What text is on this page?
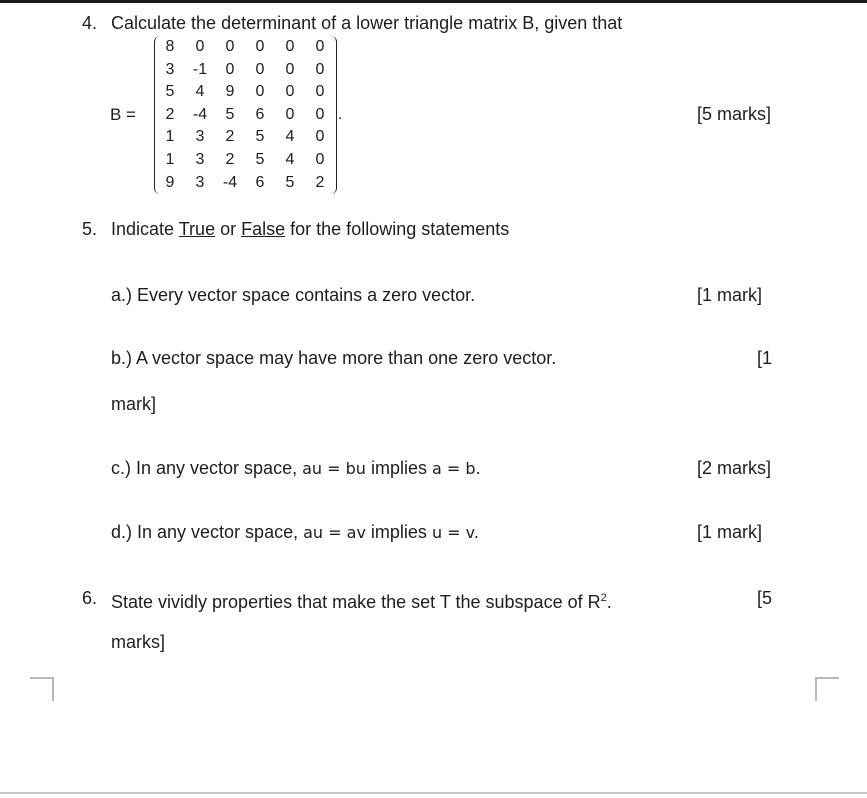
4. Calculate the determinant of a lower triangle matrix B, given that
B =
8	0	0	0	0	0
3	-1	0	0	0	0
5	4	9	0	0	0
2	-4	5	6	0	0
1	3	2	5	4	0
1	3	2	5	4	0
9	3	-4	6	5	2
.	[5 marks]
5. Indicate True or False for the following statements
a.) Every vector space contains a zero vector.	[1 mark]
b.) A vector space may have more than one zero vector.	[1
mark]
c.) In any vector space, au = bu implies a = b.	[2 marks]
d.) In any vector space, au = av implies u = v.	[1 mark]
6. State vividly properties that make the set T the subspace of $R^2$.	[5
marks]
